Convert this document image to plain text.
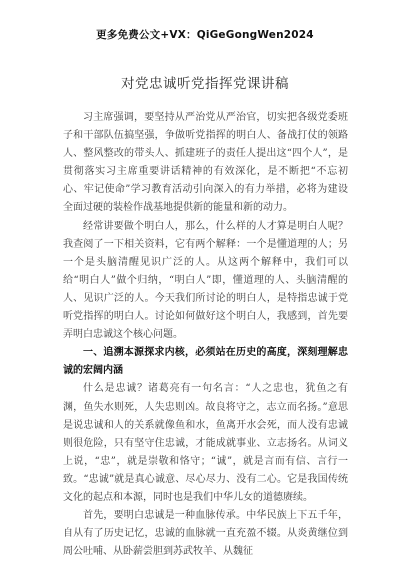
更多免费公文+VX：QiGeGongWen2024
对党忠诚听党指挥党课讲稿

习主席强调，要坚持从严治党从严治官，切实把各级党委班子和干部队伍搞坚强，争做听党指挥的明白人、备战打仗的领路人、整风整改的带头人、抓建班子的责任人提出这“四个人”，是贯彻落实习主席重要讲话精神的有效深化，是不断把“不忘初心、牢记使命”学习教育活动引向深入的有力举措，必将为建设全面过硬的装检作战基地提供新的能量和新的动力。

经常讲要做个明白人，那么，什么样的人才算是明白人呢？我查阅了一下相关资料，它有两个解释：一个是懂道理的人；另一个是头脑清醒见识广泛的人。从这两个解释中，我们可以给“明白人”做个归纳，“明白人”即，懂道理的人、头脑清醒的人、见识广泛的人。今天我们所讨论的明白人，是特指忠诚于党听党指挥的明白人。讨论如何做好这个明白人，我感到，首先要弄明白忠诚这个核心问题。

一、追溯本源探求内核，必须站在历史的高度，深刻理解忠诚的宏阔内涵

什么是忠诚？诸葛亮有一句名言：“人之忠也，犹鱼之有渊，鱼失水则死，人失忠则凶。故良将守之，志立而名扬。”意思是说忠诚和人的关系就像鱼和水，鱼离开水会死，而人没有忠诚则很危险，只有坚守住忠诚，才能成就事业、立志扬名。从词义上说，“忠”，就是崇敬和恪守；“诚”，就是言而有信、言行一致。“忠诚”就是真心诚意、尽心尽力、没有二心。它是我国传统文化的起点和本源，同时也是我们中华儿女的道德赓续。

首先，要明白忠诚是一种血脉传承。中华民族上下五千年，自从有了历史记忆，忠诚的血脉就一直充盈不辍。从炎黄继位到周公吐哺、从卧薪尝胆到苏武牧羊、从魏征
